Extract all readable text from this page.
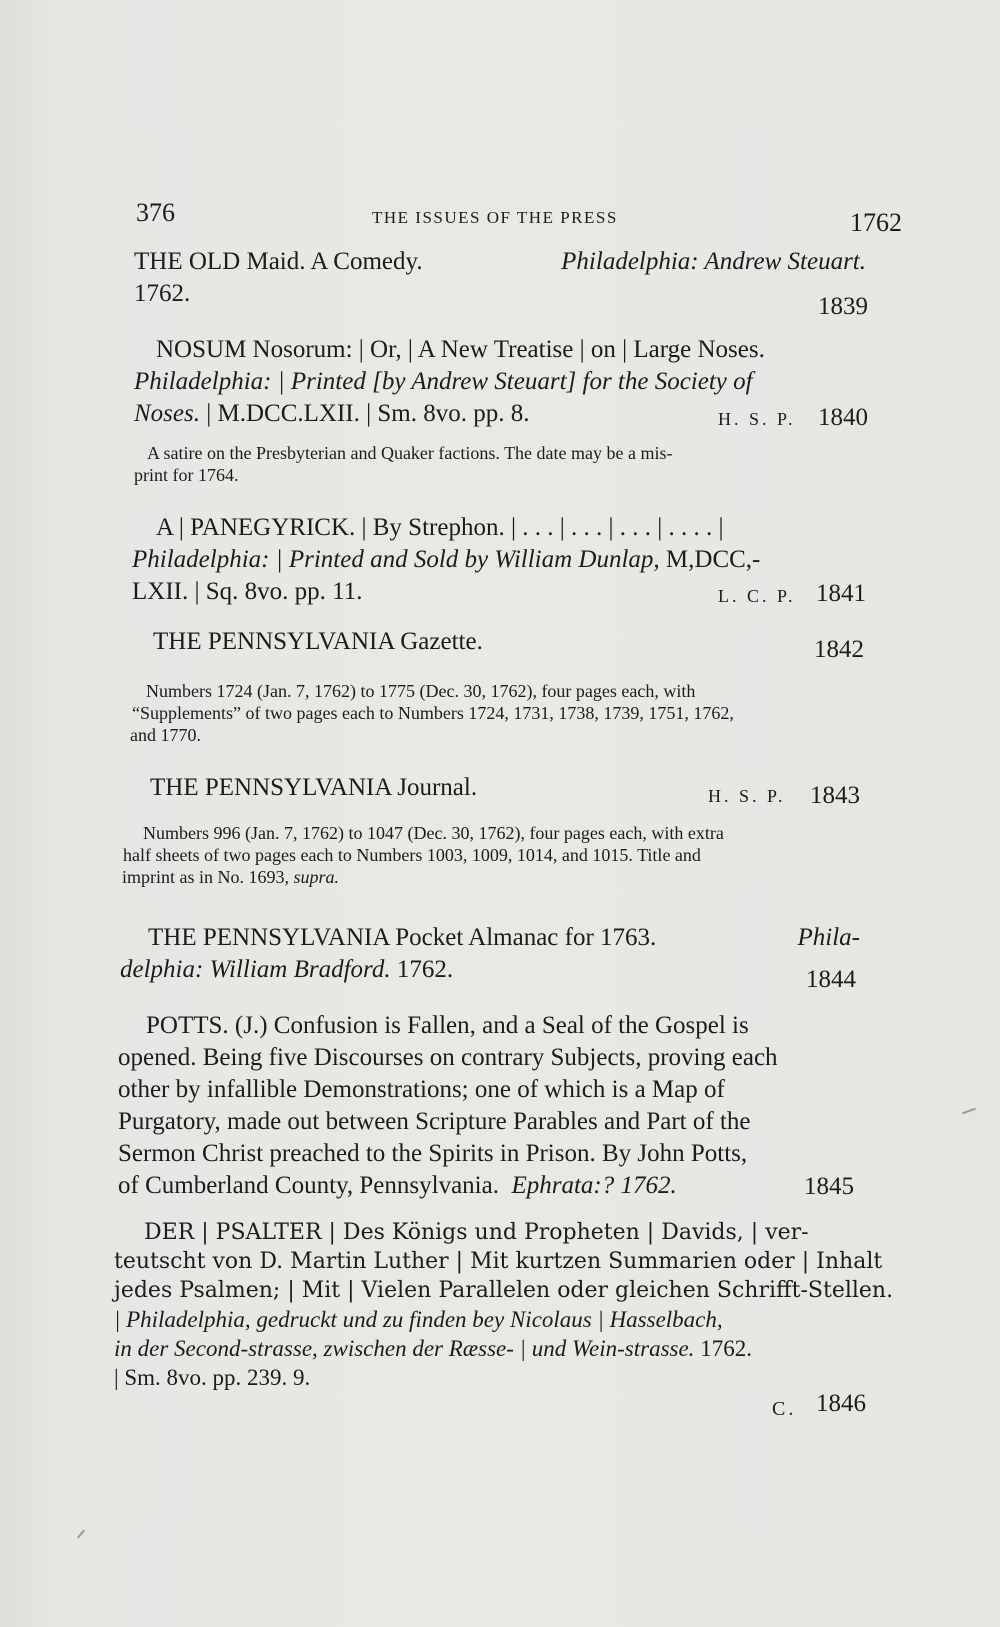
376	THE ISSUES OF THE PRESS	1762
THE OLD Maid. A Comedy.	Philadelphia: Andrew Steuart.
1762.	1839
NOSUM Nosorum: | Or, | A New Treatise | on | Large Noses.
Philadelphia: | Printed [by Andrew Steuart] for the Society of
Noses. | M.DCC.LXII. | Sm. 8vo. pp. 8.	H. S. P. 1840
A satire on the Presbyterian and Quaker factions. The date may be a mis-
print for 1764.
A | PANEGYRICK. | By Strephon. | . . . | . . . | . . . | . . . . |
Philadelphia: | Printed and Sold by William Dunlap, M,DCC,-
LXII. | Sq. 8vo. pp. 11.	L. C. P. 1841
THE PENNSYLVANIA Gazette.	1842
Numbers 1724 (Jan. 7, 1762) to 1775 (Dec. 30, 1762), four pages each, with
“Supplements” of two pages each to Numbers 1724, 1731, 1738, 1739, 1751, 1762,
and 1770.
THE PENNSYLVANIA Journal.	H. S. P. 1843
Numbers 996 (Jan. 7, 1762) to 1047 (Dec. 30, 1762), four pages each, with extra
half sheets of two pages each to Numbers 1003, 1009, 1014, and 1015. Title and
imprint as in No. 1693, supra.
THE PENNSYLVANIA Pocket Almanac for 1763.	Phila-
delphia: William Bradford. 1762.	1844
POTTS. (J.) Confusion is Fallen, and a Seal of the Gospel is
opened. Being five Discourses on contrary Subjects, proving each
other by infallible Demonstrations; one of which is a Map of
Purgatory, made out between Scripture Parables and Part of the
Sermon Christ preached to the Spirits in Prison. By John Potts,
of Cumberland County, Pennsylvania. Ephrata:? 1762.	1845
DER | PSALTER | Des Königs und Propheten | Davids, | ver-
teutscht von D. Martin Luther | Mit kurtzen Summarien oder | Inhalt
jedes Psalmen; | Mit | Vielen Parallelen oder gleichen Schrifft-Stellen.
| Philadelphia, gedruckt und zu finden bey Nicolaus | Hasselbach,
in der Second-strasse, zwischen der Ræsse- | und Wein-strasse. 1762.
| Sm. 8vo. pp. 239. 9.
C. 1846
